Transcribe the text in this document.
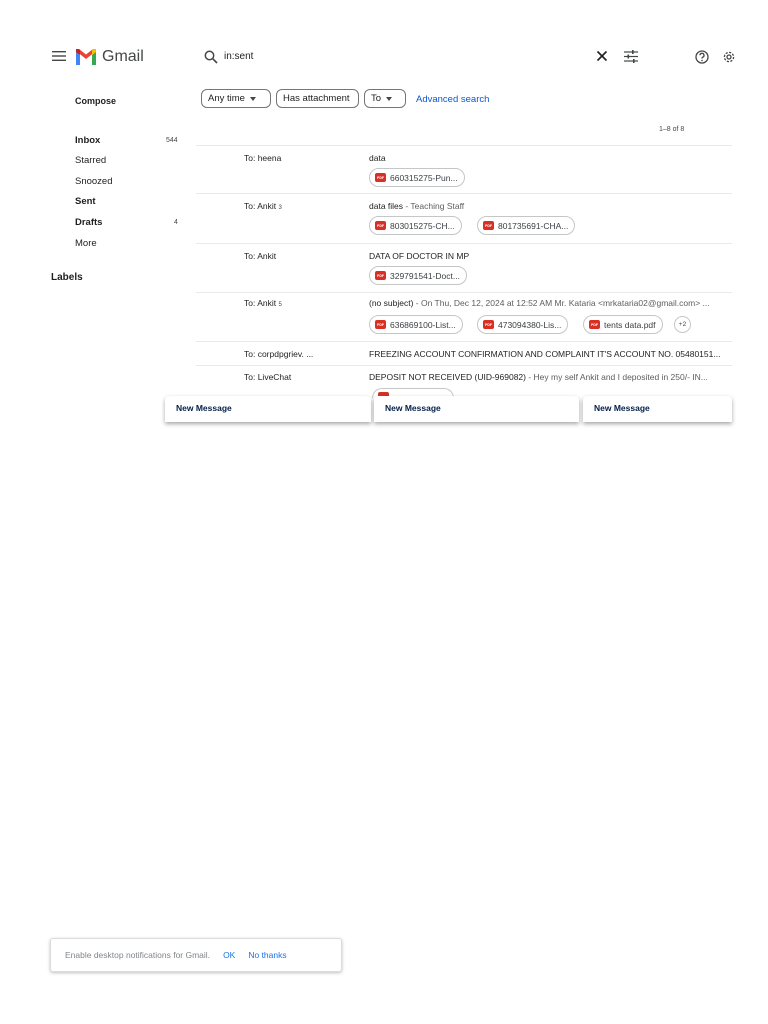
Gmail	in:sent
Compose
Inbox	544
Starred
Snoozed
Sent
Drafts	4
More
Labels
Any time	Has attachment To	Advanced search
1–8 of 8
To: heena	data
PDF 660315275-Pun...
To: Ankit 3	data files - Teaching Staff
PDF 803015275-CH...	PDF 801735691-CHA...
To: Ankit	DATA OF DOCTOR IN MP
PDF 329791541-Doct...
To: Ankit 5	(no subject) - On Thu, Dec 12, 2024 at 12:52 AM Mr. Kataria <mrkataria02@gmail.com> ...
PDF 636869100-List...	PDF 473094380-Lis...	PDF tents data.pdf	+2
To: corpdpgriev. ...	FREEZING ACCOUNT CONFIRMATION AND COMPLAINT IT'S ACCOUNT NO. 05480151...
To: LiveChat	DEPOSIT NOT RECEIVED (UID-969082) - Hey my self Ankit and I deposited in 250/- IN...
New Message	New Message	New Message
Enable desktop notifications for Gmail. OK No thanks
